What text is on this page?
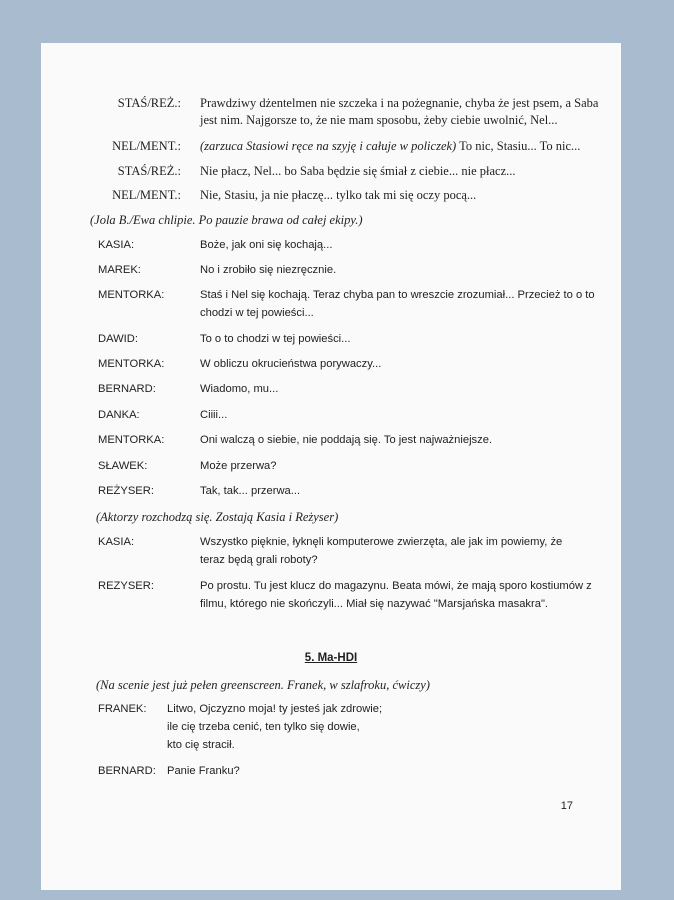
STAŚ/REŻ.: Prawdziwy dżentelmen nie szczeka i na pożegnanie, chyba że jest psem, a Saba
jest nim. Najgorsze to, że nie mam sposobu, żeby ciebie uwolnić, Nel...
NEL/MENT.: (zarzuca Stasiowi ręce na szyję i całuje w policzek) To nic, Stasiu... To nic...
STAŚ/REŻ.: Nie płacz, Nel... bo Saba będzie się śmiał z ciebie... nie płacz...
NEL/MENT.: Nie, Stasiu, ja nie płaczę... tylko tak mi się oczy pocą...
(Jola B./Ewa chlipie. Po pauzie brawa od całej ekipy.)
KASIA:	Boże, jak oni się kochają...
MAREK:	No i zrobiło się niezręcznie.
MENTORKA:	Staś i Nel się kochają. Teraz chyba pan to wreszcie zrozumiał... Przecież to o to
chodzi w tej powieści...
DAWID:	To o to chodzi w tej powieści...
MENTORKA:	W obliczu okrucieństwa porywaczy...
BERNARD:	Wiadomo, mu...
DANKA:	Ciiii...
MENTORKA:	Oni walczą o siebie, nie poddają się. To jest najważniejsze.
SŁAWEK:	Może przerwa?
REŻYSER:	Tak, tak... przerwa...
(Aktorzy rozchodzą się. Zostają Kasia i Reżyser)
KASIA:	Wszystko pięknie, łyknęli komputerowe zwierzęta, ale jak im powiemy, że
teraz będą grali roboty?
REZYSER:	Po prostu. Tu jest klucz do magazynu. Beata mówi, że mają sporo kostiumów z
filmu, którego nie skończyli... Miał się nazywać "Marsjańska masakra".
5. Ma-HDI
(Na scenie jest już pełen greenscreen. Franek, w szlafroku, ćwiczy)
FRANEK: Litwo, Ojczyzno moja! ty jesteś jak zdrowie;
ile cię trzeba cenić, ten tylko się dowie,
kto cię stracił.
BERNARD: Panie Franku?
17
